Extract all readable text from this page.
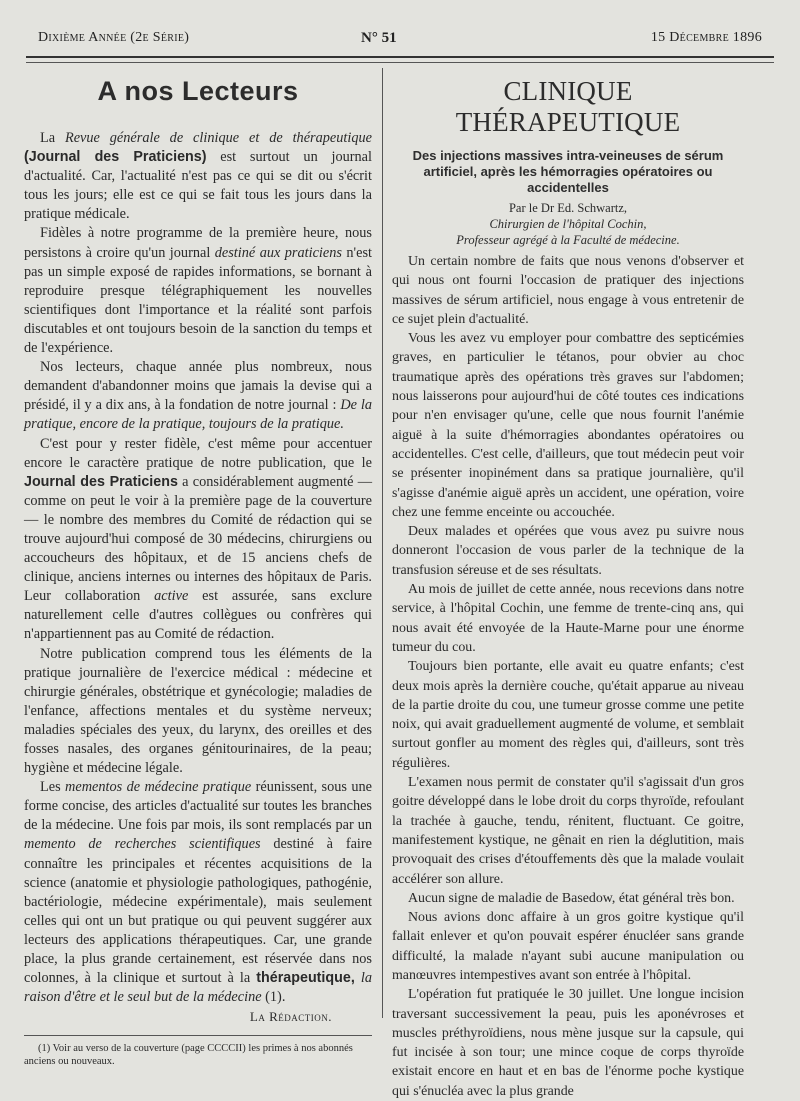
Dixième Année (2e Série)	N° 51	15 Décembre 1896
A nos Lecteurs

La Revue générale de clinique et de thérapeutique (Journal des Praticiens) est surtout un journal d'actualité. Car, l'actualité n'est pas ce qui se dit ou s'écrit tous les jours; elle est ce qui se fait tous les jours dans la pratique médicale.

Fidèles à notre programme de la première heure, nous persistons à croire qu'un journal destiné aux praticiens n'est pas un simple exposé de rapides informations, se bornant à reproduire presque télégraphiquement les nouvelles scientifiques dont l'importance et la réalité sont parfois discutables et ont toujours besoin de la sanction du temps et de l'expérience.

Nos lecteurs, chaque année plus nombreux, nous demandent d'abandonner moins que jamais la devise qui a présidé, il y a dix ans, à la fondation de notre journal : De la pratique, encore de la pratique, toujours de la pratique.

C'est pour y rester fidèle, c'est même pour accentuer encore le caractère pratique de notre publication, que le Journal des Praticiens a considérablement augmenté — comme on peut le voir à la première page de la couverture — le nombre des membres du Comité de rédaction qui se trouve aujourd'hui composé de 30 médecins, chirurgiens ou accoucheurs des hôpitaux, et de 15 anciens chefs de clinique, anciens internes ou internes des hôpitaux de Paris. Leur collaboration active est assurée, sans exclure naturellement celle d'autres collègues ou confrères qui n'appartiennent pas au Comité de rédaction.

Notre publication comprend tous les éléments de la pratique journalière de l'exercice médical : médecine et chirurgie générales, obstétrique et gynécologie; maladies de l'enfance, affections mentales et du système nerveux; maladies spéciales des yeux, du larynx, des oreilles et des fosses nasales, des organes génitourinaires, de la peau; hygiène et médecine légale.

Les mementos de médecine pratique réunissent, sous une forme concise, des articles d'actualité sur toutes les branches de la médecine. Une fois par mois, ils sont remplacés par un memento de recherches scientifiques destiné à faire connaître les principales et récentes acquisitions de la science (anatomie et physiologie pathologiques, pathogénie, bactériologie, médecine expérimentale), mais seulement celles qui ont un but pratique ou qui peuvent suggérer aux lecteurs des applications thérapeutiques. Car, une grande place, la plus grande certainement, est réservée dans nos colonnes, à la clinique et surtout à la thérapeutique, la raison d'être et le seul but de la médecine (1).

La Rédaction.

(1) Voir au verso de la couverture (page CCCCII) les primes à nos abonnés anciens ou nouveaux.

CLINIQUE THÉRAPEUTIQUE
Des injections massives intra-veineuses de sérum artificiel, après les hémorragies opératoires ou accidentelles
Par le Dr Ed. Schwartz,
Chirurgien de l'hôpital Cochin,
Professeur agrégé à la Faculté de médecine.

Un certain nombre de faits que nous venons d'observer et qui nous ont fourni l'occasion de pratiquer des injections massives de sérum artificiel, nous engage à vous entretenir de ce sujet plein d'actualité.

Vous les avez vu employer pour combattre des septicémies graves, en particulier le tétanos, pour obvier au choc traumatique après des opérations très graves sur l'abdomen; nous laisserons pour aujourd'hui de côté toutes ces indications pour n'en envisager qu'une, celle que nous fournit l'anémie aiguë à la suite d'hémorragies abondantes opératoires ou accidentelles. C'est celle, d'ailleurs, que tout médecin peut voir se présenter inopinément dans sa pratique journalière, qu'il s'agisse d'anémie aiguë après un accident, une opération, voire chez une femme enceinte ou accouchée.

Deux malades et opérées que vous avez pu suivre nous donneront l'occasion de vous parler de la technique de la transfusion séreuse et de ses résultats.

Au mois de juillet de cette année, nous recevions dans notre service, à l'hôpital Cochin, une femme de trente-cinq ans, qui nous avait été envoyée de la Haute-Marne pour une énorme tumeur du cou.

Toujours bien portante, elle avait eu quatre enfants; c'est deux mois après la dernière couche, qu'était apparue au niveau de la partie droite du cou, une tumeur grosse comme une petite noix, qui avait graduellement augmenté de volume, et semblait surtout gonfler au moment des règles qui, d'ailleurs, sont très régulières.

L'examen nous permit de constater qu'il s'agissait d'un gros goitre développé dans le lobe droit du corps thyroïde, refoulant la trachée à gauche, tendu, rénitent, fluctuant. Ce goitre, manifestement kystique, ne gênait en rien la déglutition, mais provoquait des crises d'étouffements dès que la malade voulait accélérer son allure.

Aucun signe de maladie de Basedow, état général très bon.

Nous avions donc affaire à un gros goitre kystique qu'il fallait enlever et qu'on pouvait espérer énucléer sans grande difficulté, la malade n'ayant subi aucune manipulation ou manœuvres intempestives avant son entrée à l'hôpital.

L'opération fut pratiquée le 30 juillet. Une longue incision traversant successivement la peau, puis les aponévroses et muscles préthyroïdiens, nous mène jusque sur la capsule, qui fut incisée à son tour; une mince coque de corps thyroïde existait encore en haut et en bas de l'énorme poche kystique qui s'énucléa avec la plus grande
